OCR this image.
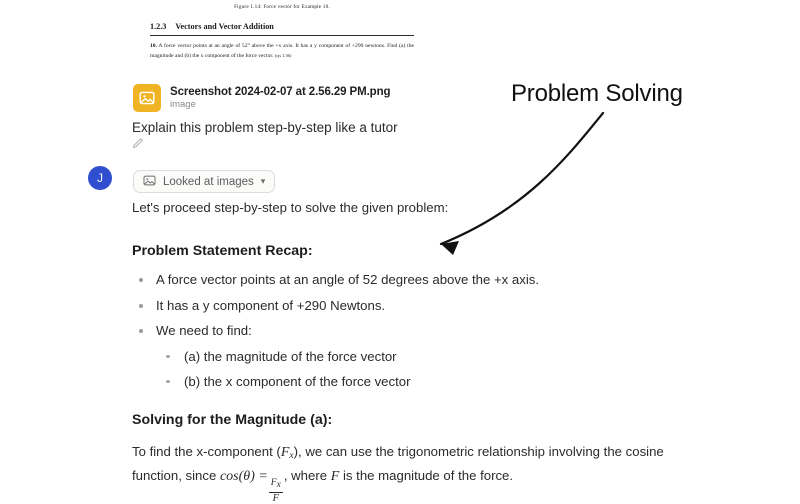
Figure 1.14: Force vector for Example 10.
1.2.3 Vectors and Vector Addition
10. A force vector points at an angle of 52° above the +x axis. It has a y component of +290 newtons. Find (a) the magnitude and (b) the x component of the force vector. (cjs 1.36)
Screenshot 2024-02-07 at 2.56.29 PM.png
image
Explain this problem step-by-step like a tutor
J	Looked at images ▾
Let's proceed step-by-step to solve the given problem:
Problem Statement Recap:
A force vector points at an angle of 52 degrees above the +x axis.
It has a y component of +290 Newtons.
We need to find:
(a) the magnitude of the force vector
(b) the x component of the force vector
Solving for the Magnitude (a):
To find the x-component $(F_x)$, we can use the trigonometric relationship involving the cosine function, since cos(θ) =
$\frac{Fx}{F}$
, where F is the magnitude of the force.
Problem Solving
